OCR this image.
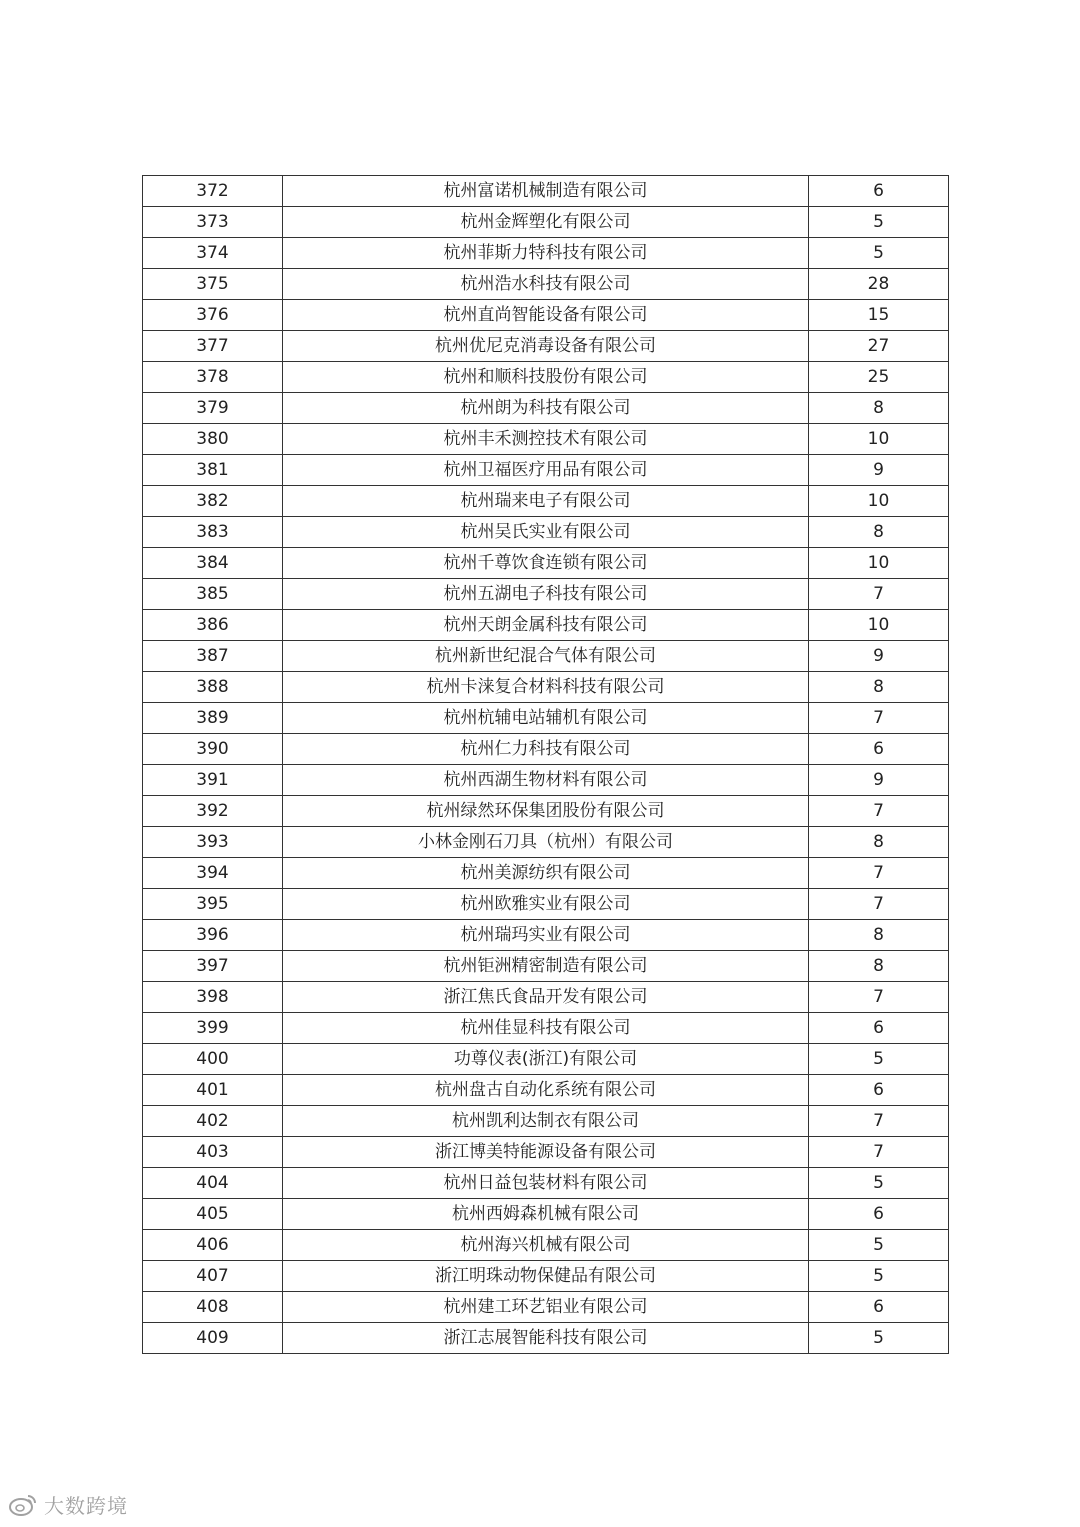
372	杭州富诺机械制造有限公司	6
373	杭州金辉塑化有限公司	5
374	杭州菲斯力特科技有限公司	5
375	杭州浩水科技有限公司	28
376	杭州直尚智能设备有限公司	15
377	杭州优尼克消毒设备有限公司	27
378	杭州和顺科技股份有限公司	25
379	杭州朗为科技有限公司	8
380	杭州丰禾测控技术有限公司	10
381	杭州卫福医疗用品有限公司	9
382	杭州瑞来电子有限公司	10
383	杭州吴氏实业有限公司	8
384	杭州千尊饮食连锁有限公司	10
385	杭州五湖电子科技有限公司	7
386	杭州天朗金属科技有限公司	10
387	杭州新世纪混合气体有限公司	9
388	杭州卡涞复合材料科技有限公司	8
389	杭州杭辅电站辅机有限公司	7
390	杭州仁力科技有限公司	6
391	杭州西湖生物材料有限公司	9
392	杭州绿然环保集团股份有限公司	7
393	小林金刚石刀具（杭州）有限公司	8
394	杭州美源纺织有限公司	7
395	杭州欧雅实业有限公司	7
396	杭州瑞玛实业有限公司	8
397	杭州钜洲精密制造有限公司	8
398	浙江焦氏食品开发有限公司	7
399	杭州佳显科技有限公司	6
400	功尊仪表(浙江)有限公司	5
401	杭州盘古自动化系统有限公司	6
402	杭州凯利达制衣有限公司	7
403	浙江博美特能源设备有限公司	7
404	杭州日益包装材料有限公司	5
405	杭州西姆森机械有限公司	6
406	杭州海兴机械有限公司	5
407	浙江明珠动物保健品有限公司	5
408	杭州建工环艺铝业有限公司	6
409	浙江志展智能科技有限公司	5
大数跨境
